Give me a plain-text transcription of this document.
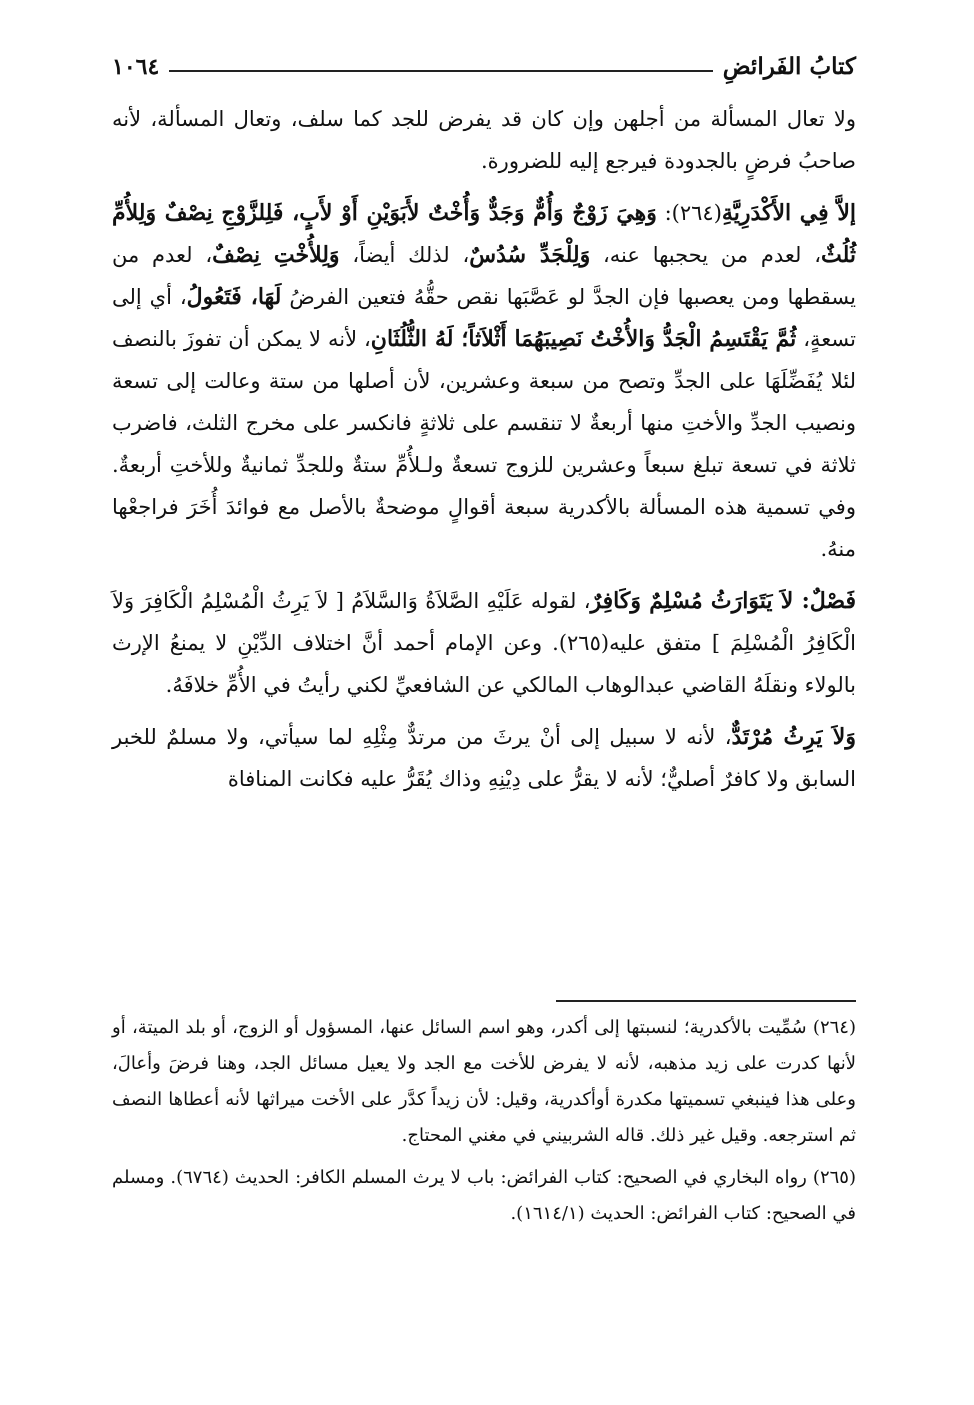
كتابُ الفَرائضِ
١٠٦٤

ولا تعال المسألة من أجلهن وإن كان قد يفرض للجد كما سلف، وتعال المسألة، لأنه صاحبُ فرضٍ بالجدودة فيرجع إليه للضرورة.

إلاَّ فِي الأَكْدَرِيَّةِ(٢٦٤): وَهِيَ زَوْجٌ وَأُمٌّ وَجَدٌّ وَأُخْتٌ لأَبَوَيْنِ أَوْ لأَبٍ، فَلِلزَّوْجِ نِصْفٌ وَلِلأُمِّ ثُلُثٌ، لعدم من يحجبها عنه، وَلِلْجَدِّ سُدُسٌ، لذلك أيضاً، وَلِلأُخْتِ نِصْفٌ، لعدم من يسقطها ومن يعصبها فإن الجدَّ لو عَصَّبَها نقص حقُّهُ فتعين الفرضُ لَهَا، فَتَعُولُ، أي إلى تسعةٍ، ثُمَّ يَقْتَسِمُ الْجَدُّ وَالأُخْتُ نَصِيبَهُمَا أَثْلاَثاً؛ لَهُ الثُّلُثَانِ، لأنه لا يمكن أن تفوزَ بالنصف لئلا يُفَضِّلَهَا على الجدِّ وتصح من سبعة وعشرين، لأن أصلها من ستة وعالت إلى تسعة ونصيب الجدِّ والأختِ منها أربعةٌ لا تنقسم على ثلاثةٍ فانكسر على مخرج الثلث، فاضرب ثلاثة في تسعة تبلغ سبعاً وعشرين للزوج تسعةٌ ولـلأُمِّ ستةٌ وللجدِّ ثمانيةٌ وللأختِ أربعةٌ. وفي تسمية هذه المسألة بالأكدرية سبعة أقوالٍ موضحةٌ بالأصل مع فوائدَ أُخَرَ فراجعْها منهُ.

فَصْلٌ: لاَ يَتَوَارَثُ مُسْلِمٌ وَكَافِرٌ، لقوله عَلَيْهِ الصَّلاَةُ وَالسَّلاَمُ [ لاَ يَرِثُ الْمُسْلِمُ الْكَافِرَ وَلاَ الْكَافِرُ الْمُسْلِمَ ] متفق عليه(٢٦٥). وعن الإمام أحمد أنَّ اختلاف الدِّيْنِ لا يمنعُ الإرث بالولاء ونقلَهُ القاضي عبدالوهاب المالكي عن الشافعيِّ لكني رأيتُ في الأُمِّ خلافَهُ.

وَلاَ يَرِثُ مُرْتَدٌّ، لأنه لا سبيل إلى أنْ يرثَ من مرتدٌّ مِثْلِهِ لما سيأتي، ولا مسلمٌ للخبر السابق ولا كافرٌ أصليٌّ؛ لأنه لا يقرُّ على دِيْنِهِ وذاك يُقَرُّ عليه فكانت المنافاة

(٢٦٤) سُمِّيت بالأكدرية؛ لنسبتها إلى أكدر، وهو اسم السائل عنها، المسؤول أو الزوج، أو بلد الميتة، أو لأنها كدرت على زيد مذهبه، لأنه لا يفرض للأخت مع الجد ولا يعيل مسائل الجد، وهنا فرضَ وأعالَ، وعلى هذا فينبغي تسميتها مكدرة أوأكدرية، وقيل: لأن زيداً كدَّر على الأخت ميراثها لأنه أعطاها النصف ثم استرجعه. وقيل غير ذلك. قاله الشربيني في مغني المحتاج.

(٢٦٥) رواه البخاري في الصحيح: كتاب الفرائض: باب لا يرث المسلم الكافر: الحديث (٦٧٦٤). ومسلم في الصحيح: كتاب الفرائض: الحديث (١٦١٤/١).
